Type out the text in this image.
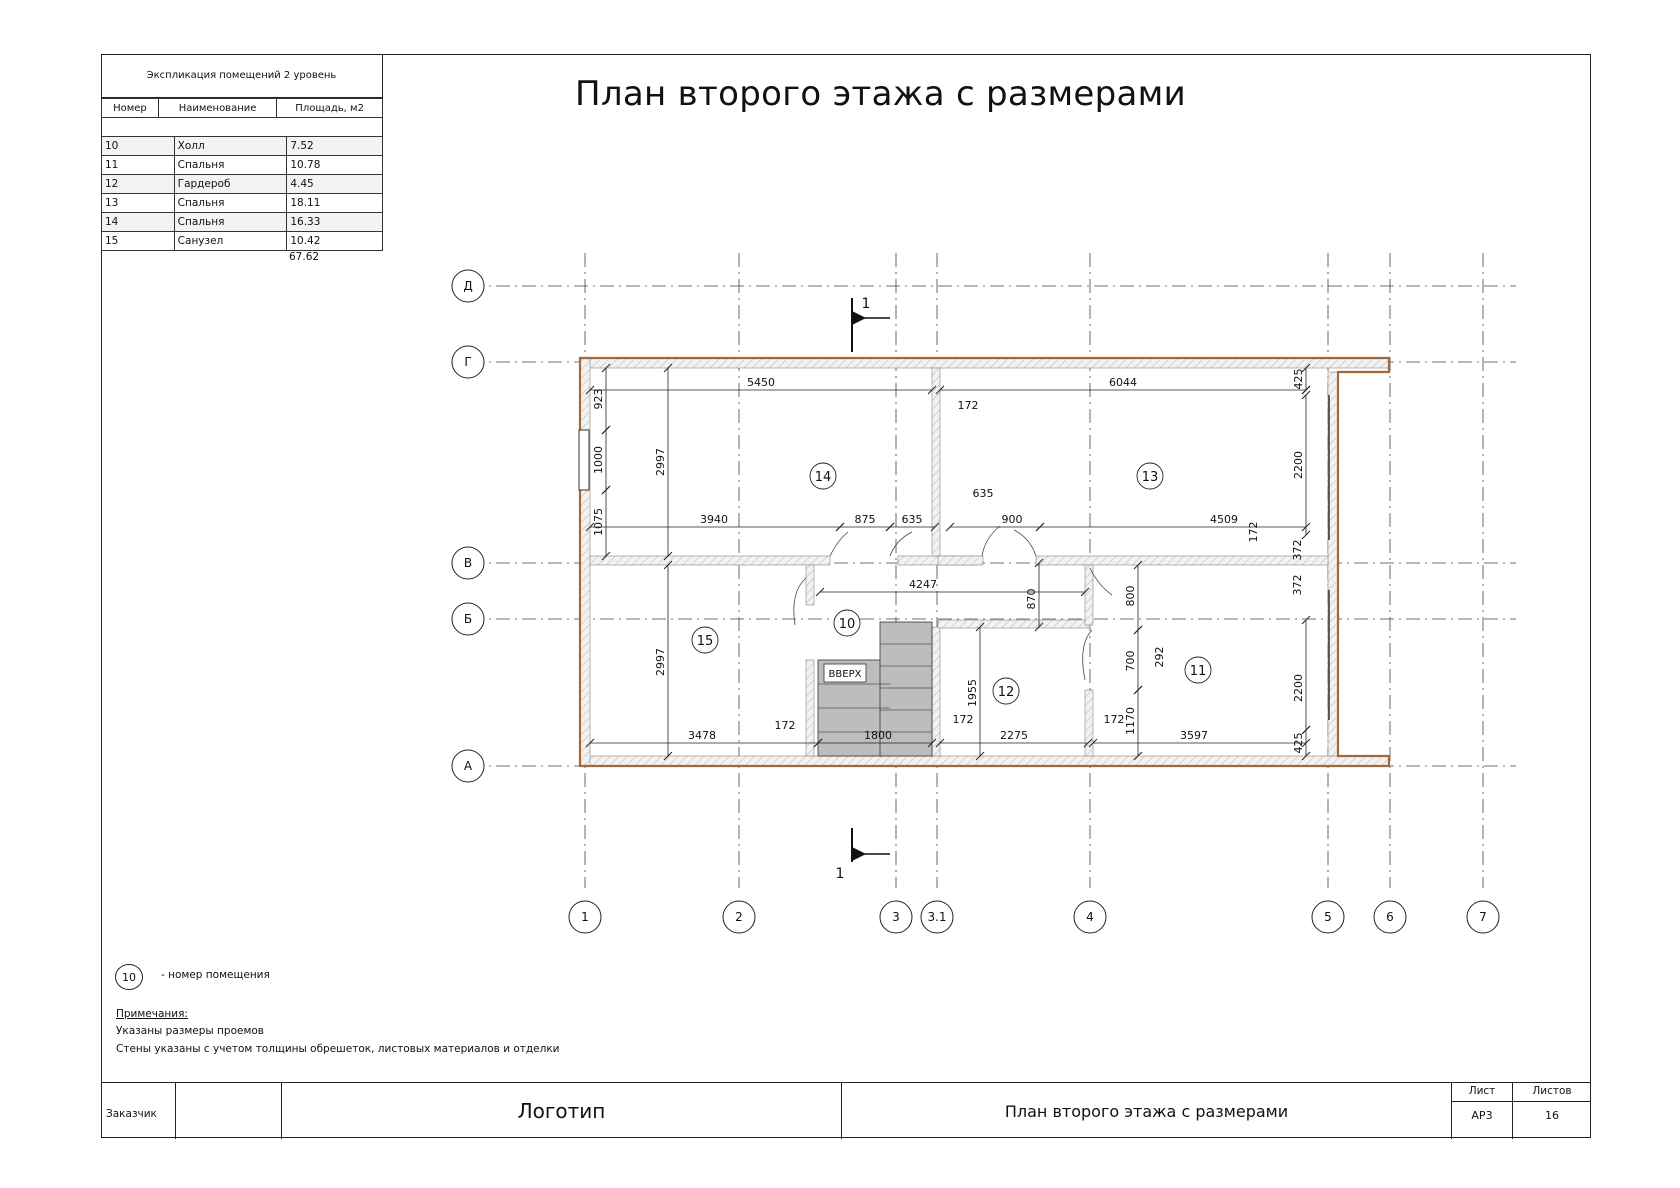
Экспликация помещений 2 уровень
Номер	Наименование	Площадь, м2
10	Холл	7.52
11	Спальня	10.78
12	Гардероб	4.45
13	Спальня	18.11
14	Спальня	16.33
15	Санузел	10.42
67.62
План второго этажа с размерами
1	2	3 3.1	4	5	6	7
Д
Г
В
Б
А
5450	6044
172
425
923
1000
1075
2997	2200
3940	875 635
635
900	4509
172
372
372
4247
870	800
2997	700 292
1955	2200
3478
172
1800
172
2275
172 1170
3597	425
1
1
ВВЕРХ
14	13
15
10
12
11
10	- номер помещения
Примечания:
Указаны размеры проемов
Стены указаны с учетом толщины обрешеток, листовых материалов и отделки
Заказчик	Логотип	План второго этажа с размерами
Лист
АР3
Листов
16
